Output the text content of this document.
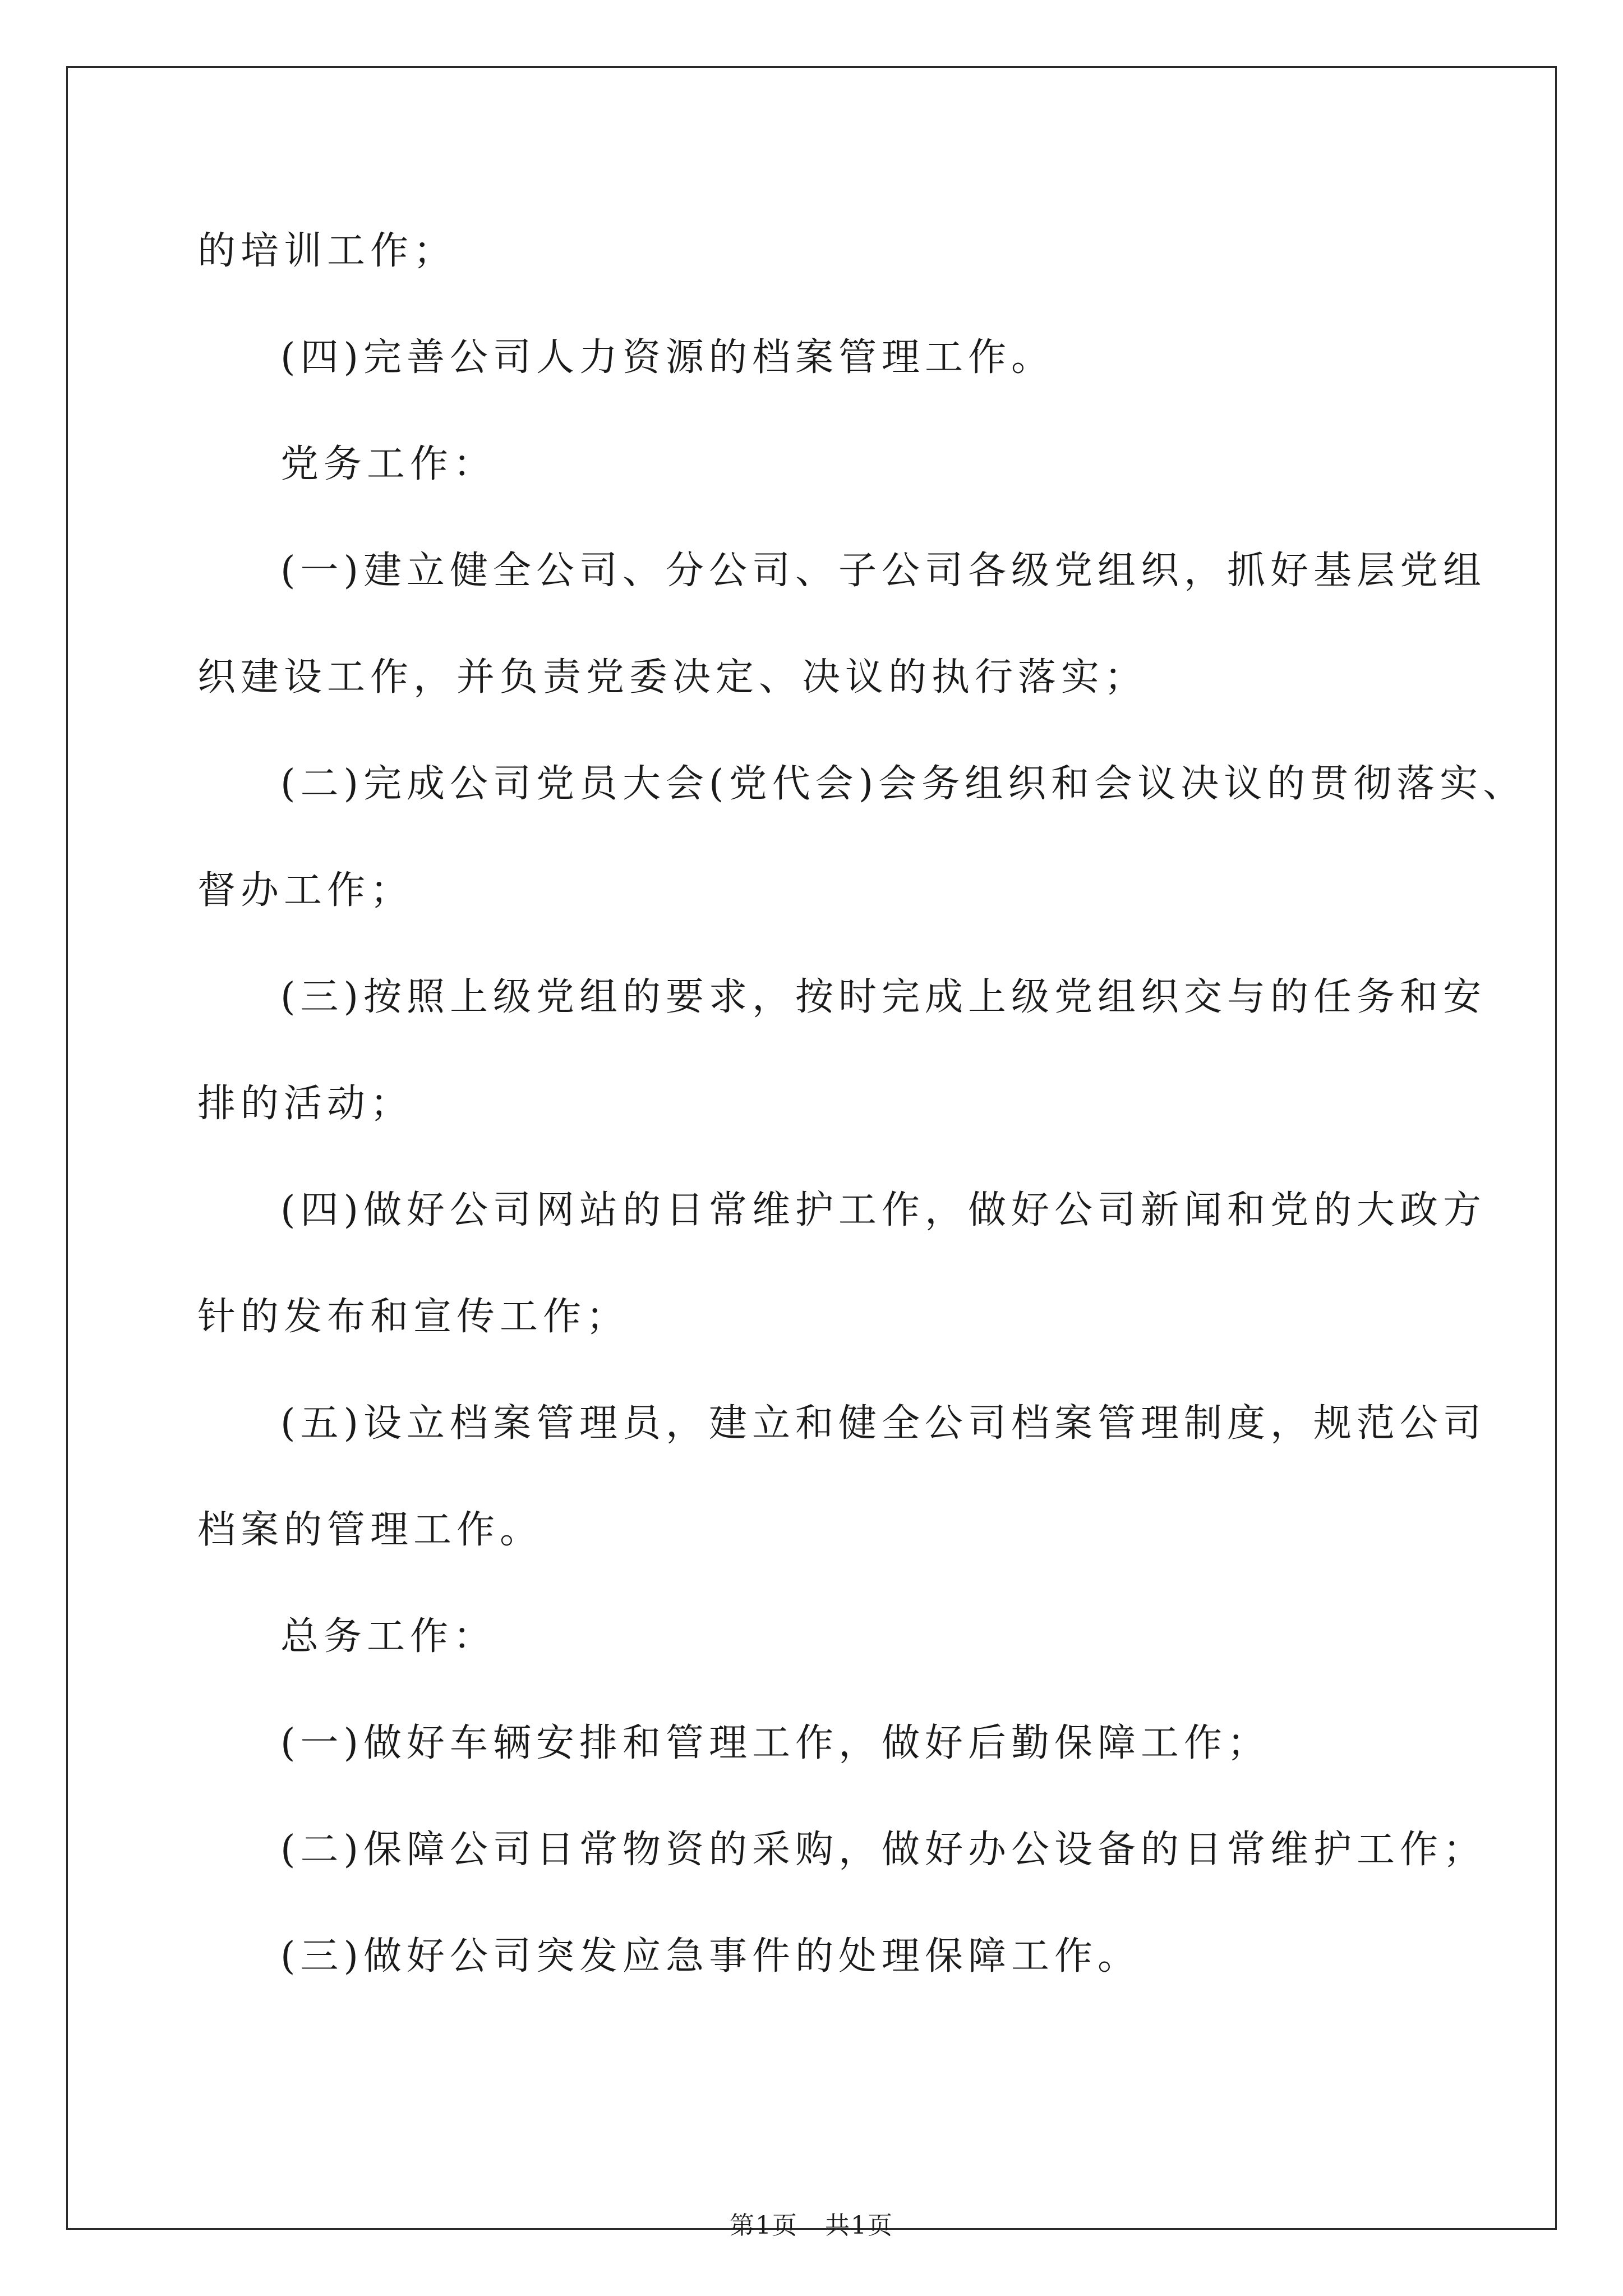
的培训工作；

(四)完善公司人力资源的档案管理工作。

党务工作：

(一)建立健全公司、分公司、子公司各级党组织，抓好基层党组

织建设工作，并负责党委决定、决议的执行落实；

(二)完成公司党员大会(党代会)会务组织和会议决议的贯彻落实、

督办工作；

(三)按照上级党组的要求，按时完成上级党组织交与的任务和安

排的活动；

(四)做好公司网站的日常维护工作，做好公司新闻和党的大政方

针的发布和宣传工作；

(五)设立档案管理员，建立和健全公司档案管理制度，规范公司

档案的管理工作。

总务工作：

(一)做好车辆安排和管理工作，做好后勤保障工作；

(二)保障公司日常物资的采购，做好办公设备的日常维护工作；

(三)做好公司突发应急事件的处理保障工作。

第1页   共1页
